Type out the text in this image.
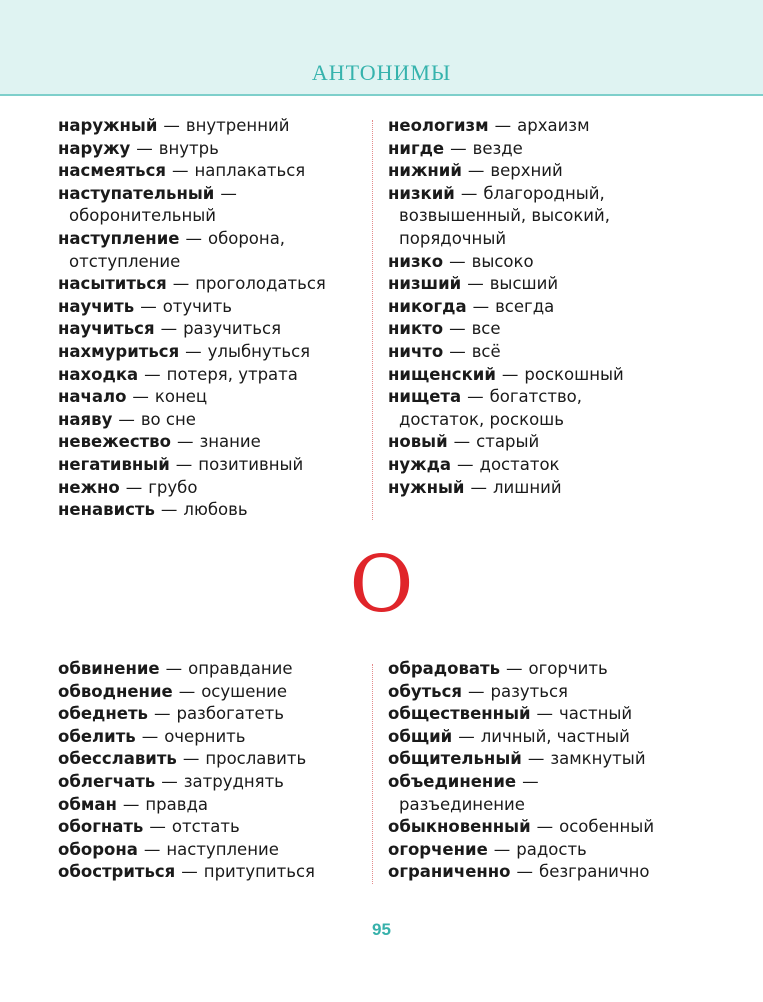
АНТОНИМЫ
наружный — внутренний
наружу — внутрь
насмеяться — наплакаться
наступательный —
оборонительный
наступление — оборона,
отступление
насытиться — проголодаться
научить — отучить
научиться — разучиться
нахмуриться — улыбнуться
находка — потеря, утрата
начало — конец
наяву — во сне
невежество — знание
негативный — позитивный
нежно — грубо
ненависть — любовь
неологизм — архаизм
нигде — везде
нижний — верхний
низкий — благородный,
возвышенный, высокий,
порядочный
низко — высоко
низший — высший
никогда — всегда
никто — все
ничто — всё
нищенский — роскошный
нищета — богатство,
достаток, роскошь
новый — старый
нужда — достаток
нужный — лишний
О
обвинение — оправдание
обводнение — осушение
обеднеть — разбогатеть
обелить — очернить
обесславить — прославить
облегчать — затруднять
обман — правда
обогнать — отстать
оборона — наступление
обостриться — притупиться
обрадовать — огорчить
обуться — разуться
общественный — частный
общий — личный, частный
общительный — замкнутый
объединение —
разъединение
обыкновенный — особенный
огорчение — радость
ограниченно — безгранично
95
